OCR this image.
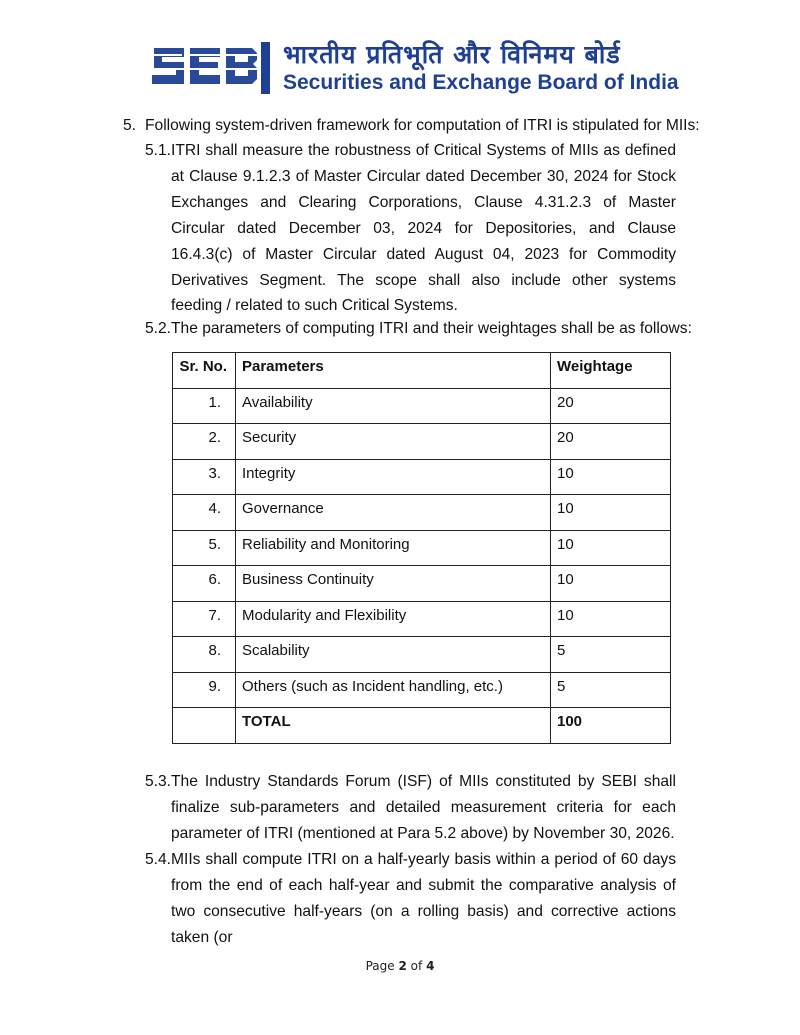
भारतीय प्रतिभूति और विनिमय बोर्ड
Securities and Exchange Board of India
5. Following system-driven framework for computation of ITRI is stipulated for MIIs:
5.1. ITRI shall measure the robustness of Critical Systems of MIIs as defined at Clause 9.1.2.3 of Master Circular dated December 30, 2024 for Stock Exchanges and Clearing Corporations, Clause 4.31.2.3 of Master Circular dated December 03, 2024 for Depositories, and Clause 16.4.3(c) of Master Circular dated August 04, 2023 for Commodity Derivatives Segment. The scope shall also include other systems feeding / related to such Critical Systems.
5.2. The parameters of computing ITRI and their weightages shall be as follows:
Sr. No.	Parameters	Weightage
1.	Availability	20
2.	Security	20
3.	Integrity	10
4.	Governance	10
5.	Reliability and Monitoring	10
6.	Business Continuity	10
7.	Modularity and Flexibility	10
8.	Scalability	5
9.	Others (such as Incident handling, etc.)	5
	TOTAL	100
5.3. The Industry Standards Forum (ISF) of MIIs constituted by SEBI shall finalize sub-parameters and detailed measurement criteria for each parameter of ITRI (mentioned at Para 5.2 above) by November 30, 2026.
5.4. MIIs shall compute ITRI on a half-yearly basis within a period of 60 days from the end of each half-year and submit the comparative analysis of two consecutive half-years (on a rolling basis) and corrective actions taken (or
Page 2 of 4
